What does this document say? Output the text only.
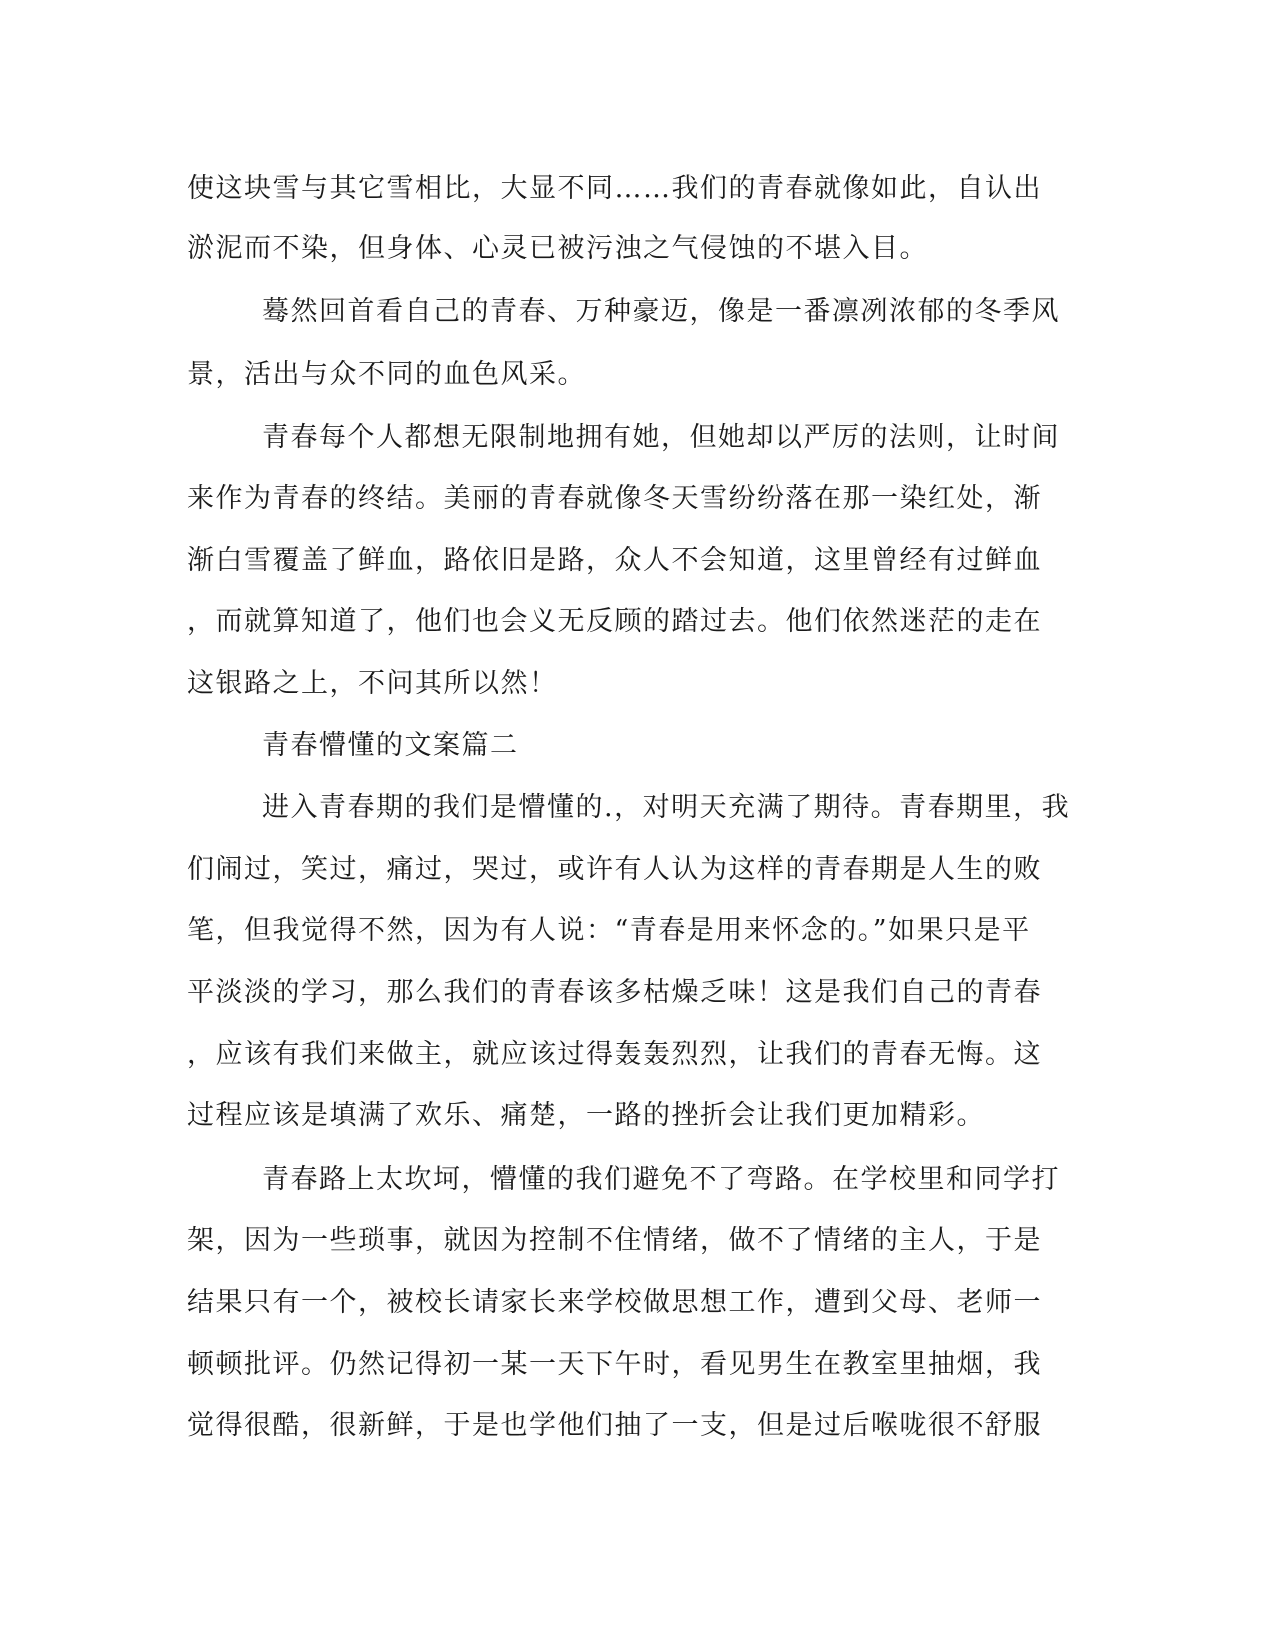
使这块雪与其它雪相比，大显不同……我们的青春就像如此，自认出
淤泥而不染，但身体、心灵已被污浊之气侵蚀的不堪入目。
蓦然回首看自己的青春、万种豪迈，像是一番凛冽浓郁的冬季风
景，活出与众不同的血色风采。
青春每个人都想无限制地拥有她，但她却以严厉的法则，让时间
来作为青春的终结。美丽的青春就像冬天雪纷纷落在那一染红处，渐
渐白雪覆盖了鲜血，路依旧是路，众人不会知道，这里曾经有过鲜血
，而就算知道了，他们也会义无反顾的踏过去。他们依然迷茫的走在
这银路之上，不问其所以然！
青春懵懂的文案篇二
进入青春期的我们是懵懂的.，对明天充满了期待。青春期里，我
们闹过，笑过，痛过，哭过，或许有人认为这样的青春期是人生的败
笔，但我觉得不然，因为有人说：“青春是用来怀念的。”如果只是平
平淡淡的学习，那么我们的青春该多枯燥乏味！这是我们自己的青春
，应该有我们来做主，就应该过得轰轰烈烈，让我们的青春无悔。这
过程应该是填满了欢乐、痛楚，一路的挫折会让我们更加精彩。
青春路上太坎坷，懵懂的我们避免不了弯路。在学校里和同学打
架，因为一些琐事，就因为控制不住情绪，做不了情绪的主人，于是
结果只有一个，被校长请家长来学校做思想工作，遭到父母、老师一
顿顿批评。仍然记得初一某一天下午时，看见男生在教室里抽烟，我
觉得很酷，很新鲜，于是也学他们抽了一支，但是过后喉咙很不舒服
